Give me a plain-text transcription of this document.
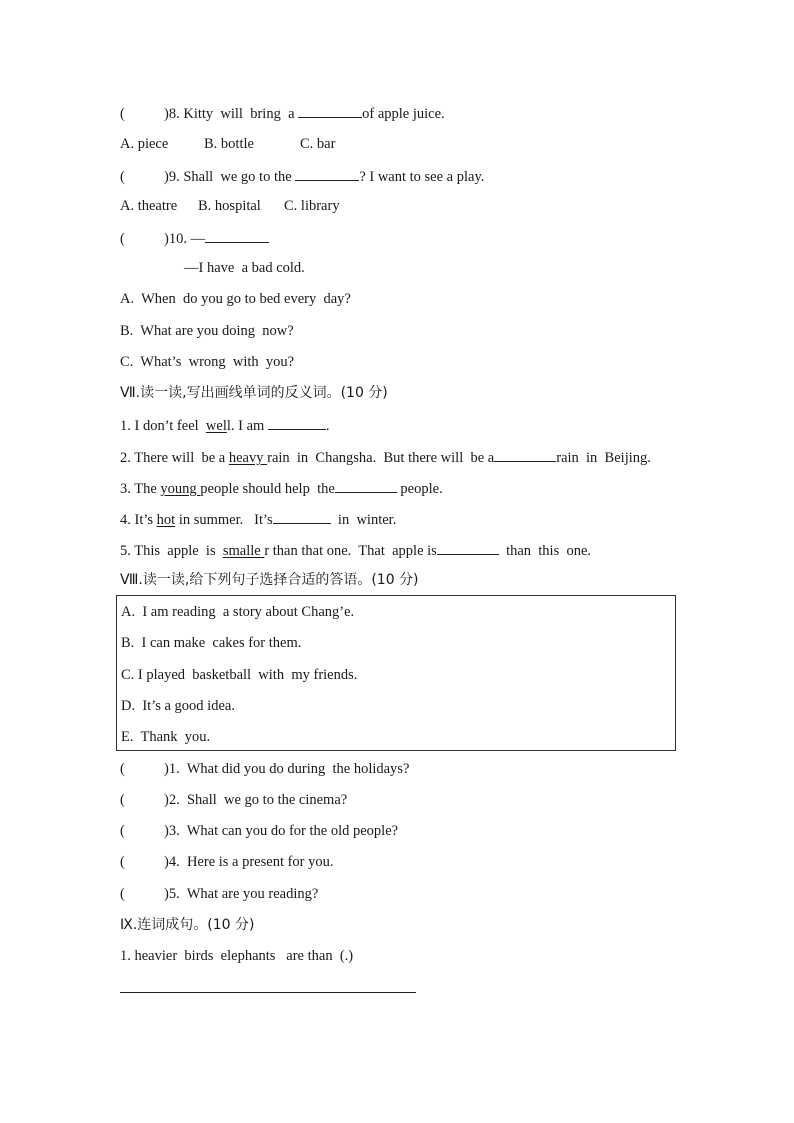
(	)8. Kitty  will  bring  a	of apple juice.
A. piece B. bottle	C. bar
(	)9. Shall  we go to the	? I want to see a play.
A. theatre B. hospital C. library
(	)10. —
—I have  a bad cold.
A.  When  do you go to bed every  day?
B.  What are you doing  now?
C.  What’s  wrong  with  you?
Ⅶ.读一读,写出画线单词的反义词。(10 分)
1. I don’t feel  well. I am	.
2. There will  be a heavy rain  in  Changsha.  But there will  be a	rain  in  Beijing.
3. The young people should help  the	people.
4. It’s hot in summer.   It’s	in  winter.
5. This  apple  is  smalle r than that one.  That  apple is	than  this  one.
Ⅷ.读一读,给下列句子选择合适的答语。(10 分)
A.  I am reading  a story about Chang’e.
B.  I can make  cakes for them.
C. I played  basketball  with  my friends.
D.  It’s a good idea.
E.  Thank  you.
(	)1.  What did you do during  the holidays?
(	)2.  Shall  we go to the cinema?
(	)3.  What can you do for the old people?
(	)4.  Here is a present for you.
(	)5.  What are you reading?
Ⅸ.连词成句。(10 分)
1. heavier  birds  elephants   are than  (.)
